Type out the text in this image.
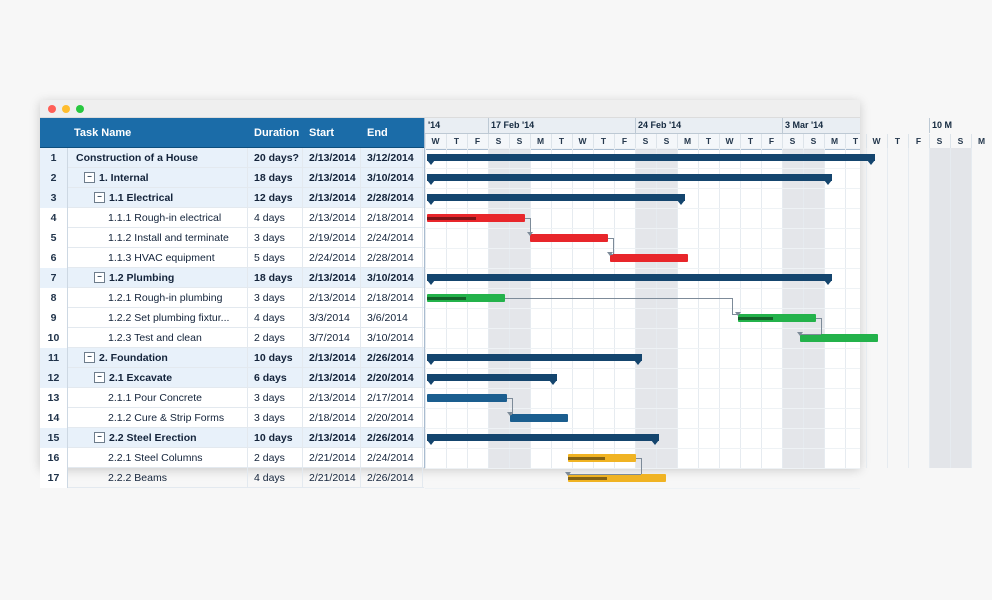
Task Name	Duration Start	End
1	Construction of a House	20 days? 2/13/2014	3/12/2014
2	− 1. Internal	18 days	2/13/2014	3/10/2014
3	− 1.1 Electrical	12 days	2/13/2014	2/28/2014
4	1.1.1 Rough-in electrical	4 days	2/13/2014	2/18/2014
5	1.1.2 Install and terminate	3 days	2/19/2014	2/24/2014
6	1.1.3 HVAC equipment	5 days	2/24/2014	2/28/2014
7	− 1.2 Plumbing	18 days	2/13/2014	3/10/2014
8	1.2.1 Rough-in plumbing	3 days	2/13/2014	2/18/2014
9	1.2.2 Set plumbing fixtur...	4 days	3/3/2014	3/6/2014
10	1.2.3 Test and clean	2 days	3/7/2014	3/10/2014
11	− 2. Foundation	10 days	2/13/2014	2/26/2014
12	− 2.1 Excavate	6 days	2/13/2014	2/20/2014
13	2.1.1 Pour Concrete	3 days	2/13/2014	2/17/2014
14	2.1.2 Cure & Strip Forms	3 days	2/18/2014	2/20/2014
15	− 2.2 Steel Erection	10 days	2/13/2014	2/26/2014
16	2.2.1 Steel Columns	2 days	2/21/2014	2/24/2014
17	2.2.2 Beams	4 days	2/21/2014	2/26/2014
'14	17 Feb '14	24 Feb '14	3 Mar '14	10 M
W	T	F	S	S	M	T	W	T	F	S	S	M	T	W	T	F	S	S	M	T	W	T	F	S	S	M
